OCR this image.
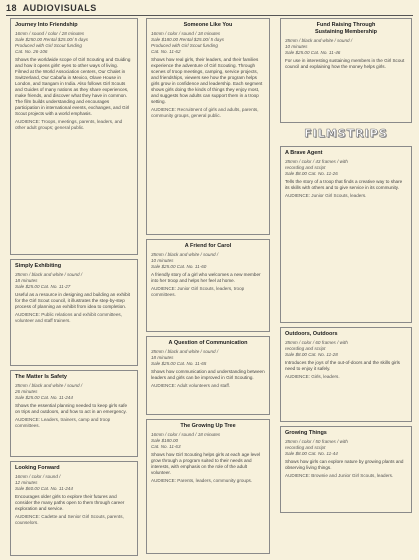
18 AUDIOVISUALS
Journey Into Friendship
16mm / sound / color / 28 minutes
Sale $250.00 Rental $25.00/ 5 days
Produced with Girl Scout funding
Cat. No. 26-106
Shows the worldwide scope of Girl Scouting and Guiding and how it opens girls' eyes to other ways of living. Filmed at the World Association centers, Our Chalet in Switzerland, Our Cabaña in Mexico, Olave House in London, and Sangam in India. Also follows Girl Scouts and Guides of many nations as they share experiences, make friends, and discover what they have in common. The film builds understanding and encourages participation in international events, exchanges, and Girl Scout projects with a world emphasis.
AUDIENCE: Troops, meetings, parents, leaders, and other adult groups; general public.
Simply Exhibiting
35mm / black and white / sound /
18 minutes
Sale $25.00 Cat. No. 11-27
Useful as a resource in designing and building an exhibit for the Girl Scout council, it illustrates the step-by-step process of planning an exhibit from idea to completion.
AUDIENCE: Public relations and exhibit committees, volunteer and staff trainers.
The Matter Is Safety
35mm / black and white / sound /
26 minutes
Sale $25.00 Cat. No. 11-244
Shows the essential planning needed to keep girls safe on trips and outdoors, and how to act in an emergency.
AUDIENCE: Leaders, trainers, camp and troop committees.
Looking Forward
16mm / color / sound /
12 minutes
Sale $60.00 Cat. No. 11-244
Encourages older girls to explore their futures and consider the many paths open to them through career exploration and service.
AUDIENCE: Cadette and Senior Girl Scouts, parents, counselors.
Someone Like You
16mm / color / sound / 18 minutes
Sale $180.00 Rental $25.00/ 5 days
Produced with Girl Scout funding
Cat. No. 11-62
Shows how real girls, their leaders, and their families experience the adventure of Girl Scouting. Through scenes of troop meetings, camping, service projects, and friendships, viewers see how the program helps girls grow in confidence and leadership. Each segment shows girls doing the kinds of things they enjoy most, and suggests how adults can support them in a troop setting.
AUDIENCE: Recruitment of girls and adults, parents, community groups, general public.
A Friend for Carol
35mm / black and white / sound /
10 minutes
Sale $25.00 Cat. No. 11-60
A friendly story of a girl who welcomes a new member into her troop and helps her feel at home.
AUDIENCE: Junior Girl Scouts, leaders, troop committees.
A Question of Communication
35mm / black and white / sound /
18 minutes
Sale $25.00 Cat. No. 11-65
Shows how communication and understanding between leaders and girls can be improved in Girl Scouting.
AUDIENCE: Adult volunteers and staff.
The Growing Up Tree
16mm / color / sound / 18 minutes
Sale $180.00
Cat. No. 11-63
Shows how Girl Scouting helps girls at each age level grow through a program suited to their needs and interests, with emphasis on the role of the adult volunteer.
AUDIENCE: Parents, leaders, community groups.
Fund Raising Through
Sustaining Membership
35mm / black and white / sound /
10 minutes
Sale $25.00 Cat. No. 11-46
For use in interesting sustaining members in the Girl Scout council and explaining how the money helps girls.
FILMSTRIPS
A Brave Agent
35mm / color / 43 frames / with
recording and script
Sale $8.00 Cat. No. 11-26
Tells the story of a troop that finds a creative way to share its skills with others and to give service in its community.
AUDIENCE: Junior Girl Scouts, leaders.
Outdoors, Outdoors
35mm / color / 60 frames / with
recording and script
Sale $8.00 Cat. No. 11-28
Introduces the joys of the out-of-doors and the skills girls need to enjoy it safely.
AUDIENCE: Girls, leaders.
Growing Things
35mm / color / 50 frames / with
recording and script
Sale $8.00 Cat. No. 11-44
Shows how girls can explore nature by growing plants and observing living things.
AUDIENCE: Brownie and Junior Girl Scouts, leaders.
